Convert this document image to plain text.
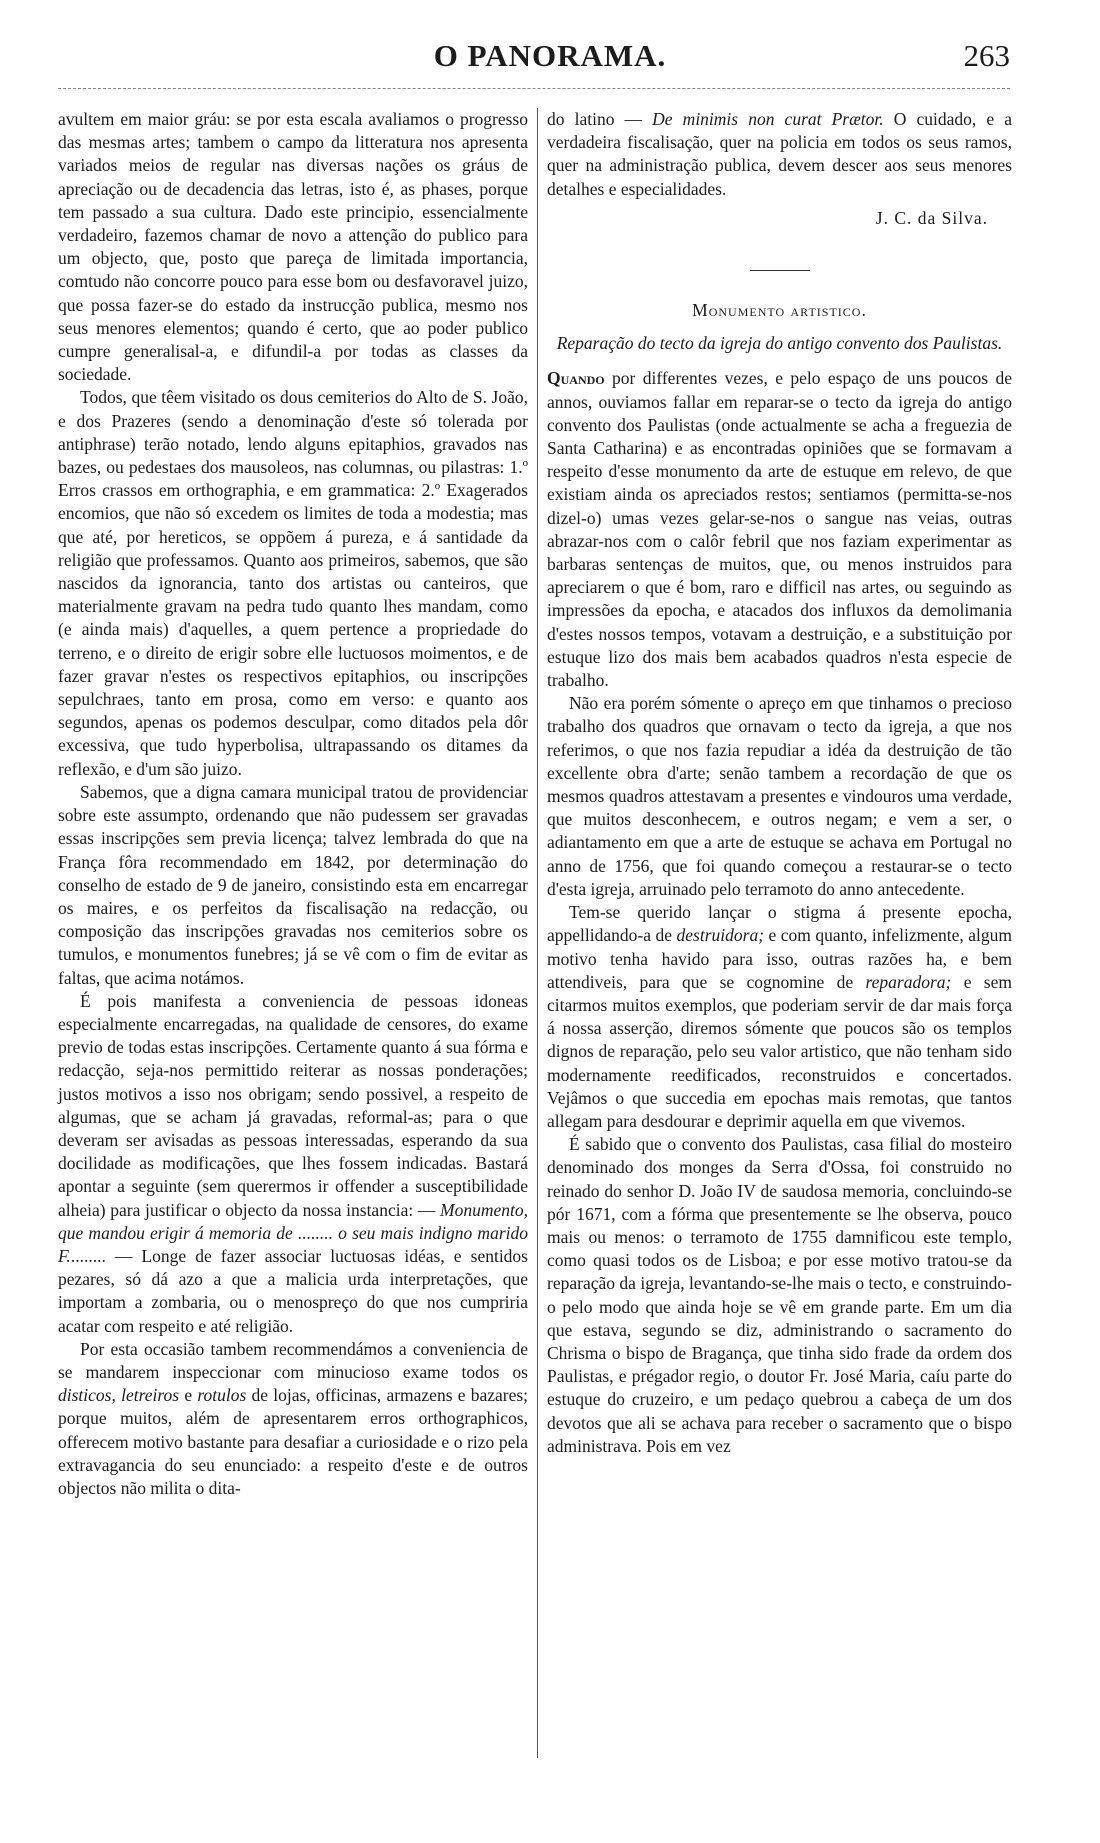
O PANORAMA.	263

avultem em maior gráu: se por esta escala avaliamos o progresso das mesmas artes; tambem o campo da litteratura nos apresenta variados meios de regular nas diversas nações os gráus de apreciação ou de decadencia das letras, isto é, as phases, porque tem passado a sua cultura. Dado este principio, essencialmente verdadeiro, fazemos chamar de novo a attenção do publico para um objecto, que, posto que pareça de limitada importancia, comtudo não concorre pouco para esse bom ou desfavoravel juizo, que possa fazer-se do estado da instrucção publica, mesmo nos seus menores elementos; quando é certo, que ao poder publico cumpre generalisal-a, e difundil-a por todas as classes da sociedade.

Todos, que têem visitado os dous cemiterios do Alto de S. João, e dos Prazeres (sendo a denominação d'este só tolerada por antiphrase) terão notado, lendo alguns epitaphios, gravados nas bazes, ou pedestaes dos mausoleos, nas columnas, ou pilastras: 1.º Erros crassos em orthographia, e em grammatica: 2.º Exagerados encomios, que não só excedem os limites de toda a modestia; mas que até, por hereticos, se oppõem á pureza, e á santidade da religião que professamos. Quanto aos primeiros, sabemos, que são nascidos da ignorancia, tanto dos artistas ou canteiros, que materialmente gravam na pedra tudo quanto lhes mandam, como (e ainda mais) d'aquelles, a quem pertence a propriedade do terreno, e o direito de erigir sobre elle luctuosos moimentos, e de fazer gravar n'estes os respectivos epitaphios, ou inscripções sepulchraes, tanto em prosa, como em verso: e quanto aos segundos, apenas os podemos desculpar, como ditados pela dôr excessiva, que tudo hyperbolisa, ultrapassando os ditames da reflexão, e d'um são juizo.

Sabemos, que a digna camara municipal tratou de providenciar sobre este assumpto, ordenando que não pudessem ser gravadas essas inscripções sem previa licença; talvez lembrada do que na França fôra recommendado em 1842, por determinação do conselho de estado de 9 de janeiro, consistindo esta em encarregar os maires, e os perfeitos da fiscalisação na redacção, ou composição das inscripções gravadas nos cemiterios sobre os tumulos, e monumentos funebres; já se vê com o fim de evitar as faltas, que acima notámos.

É pois manifesta a conveniencia de pessoas idoneas especialmente encarregadas, na qualidade de censores, do exame previo de todas estas inscripções. Certamente quanto á sua fórma e redacção, seja-nos permittido reiterar as nossas ponderações; justos motivos a isso nos obrigam; sendo possivel, a respeito de algumas, que se acham já gravadas, reformal-as; para o que deveram ser avisadas as pessoas interessadas, esperando da sua docilidade as modificações, que lhes fossem indicadas. Bastará apontar a seguinte (sem querermos ir offender a susceptibilidade alheia) para justificar o objecto da nossa instancia: — Monumento, que mandou erigir á memoria de ........ o seu mais indigno marido F......... — Longe de fazer associar luctuosas idéas, e sentidos pezares, só dá azo a que a malicia urda interpretações, que importam a zombaria, ou o menospreço do que nos cumpriria acatar com respeito e até religião.

Por esta occasião tambem recommendámos a conveniencia de se mandarem inspeccionar com minucioso exame todos os disticos, letreiros e rotulos de lojas, officinas, armazens e bazares; porque muitos, além de apresentarem erros orthographicos, offerecem motivo bastante para desafiar a curiosidade e o rizo pela extravagancia do seu enunciado: a respeito d'este e de outros objectos não milita o dita-

do latino — De minimis non curat Prætor. O cuidado, e a verdadeira fiscalisação, quer na policia em todos os seus ramos, quer na administração publica, devem descer aos seus menores detalhes e especialidades.

J. C. da Silva.
Monumento artistico.
Reparação do tecto da igreja do antigo convento dos Paulistas.

Quando por differentes vezes, e pelo espaço de uns poucos de annos, ouviamos fallar em reparar-se o tecto da igreja do antigo convento dos Paulistas (onde actualmente se acha a freguezia de Santa Catharina) e as encontradas opiniões que se formavam a respeito d'esse monumento da arte de estuque em relevo, de que existiam ainda os apreciados restos; sentiamos (permitta-se-nos dizel-o) umas vezes gelar-se-nos o sangue nas veias, outras abrazar-nos com o calôr febril que nos faziam experimentar as barbaras sentenças de muitos, que, ou menos instruidos para apreciarem o que é bom, raro e difficil nas artes, ou seguindo as impressões da epocha, e atacados dos influxos da demolimania d'estes nossos tempos, votavam a destruição, e a substituição por estuque lizo dos mais bem acabados quadros n'esta especie de trabalho.

Não era porém sómente o apreço em que tinhamos o precioso trabalho dos quadros que ornavam o tecto da igreja, a que nos referimos, o que nos fazia repudiar a idéa da destruição de tão excellente obra d'arte; senão tambem a recordação de que os mesmos quadros attestavam a presentes e vindouros uma verdade, que muitos desconhecem, e outros negam; e vem a ser, o adiantamento em que a arte de estuque se achava em Portugal no anno de 1756, que foi quando começou a restaurar-se o tecto d'esta igreja, arruinado pelo terramoto do anno antecedente.

Tem-se querido lançar o stigma á presente epocha, appellidando-a de destruidora; e com quanto, infelizmente, algum motivo tenha havido para isso, outras razões ha, e bem attendiveis, para que se cognomine de reparadora; e sem citarmos muitos exemplos, que poderiam servir de dar mais força á nossa asserção, diremos sómente que poucos são os templos dignos de reparação, pelo seu valor artistico, que não tenham sido modernamente reedificados, reconstruidos e concertados. Vejâmos o que succedia em epochas mais remotas, que tantos allegam para desdourar e deprimir aquella em que vivemos.

É sabido que o convento dos Paulistas, casa filial do mosteiro denominado dos monges da Serra d'Ossa, foi construido no reinado do senhor D. João IV de saudosa memoria, concluindo-se pór 1671, com a fórma que presentemente se lhe observa, pouco mais ou menos: o terramoto de 1755 damnificou este templo, como quasi todos os de Lisboa; e por esse motivo tratou-se da reparação da igreja, levantando-se-lhe mais o tecto, e construindo-o pelo modo que ainda hoje se vê em grande parte. Em um dia que estava, segundo se diz, administrando o sacramento do Chrisma o bispo de Bragança, que tinha sido frade da ordem dos Paulistas, e prégador regio, o doutor Fr. José Maria, caíu parte do estuque do cruzeiro, e um pedaço quebrou a cabeça de um dos devotos que ali se achava para receber o sacramento que o bispo administrava. Pois em vez
